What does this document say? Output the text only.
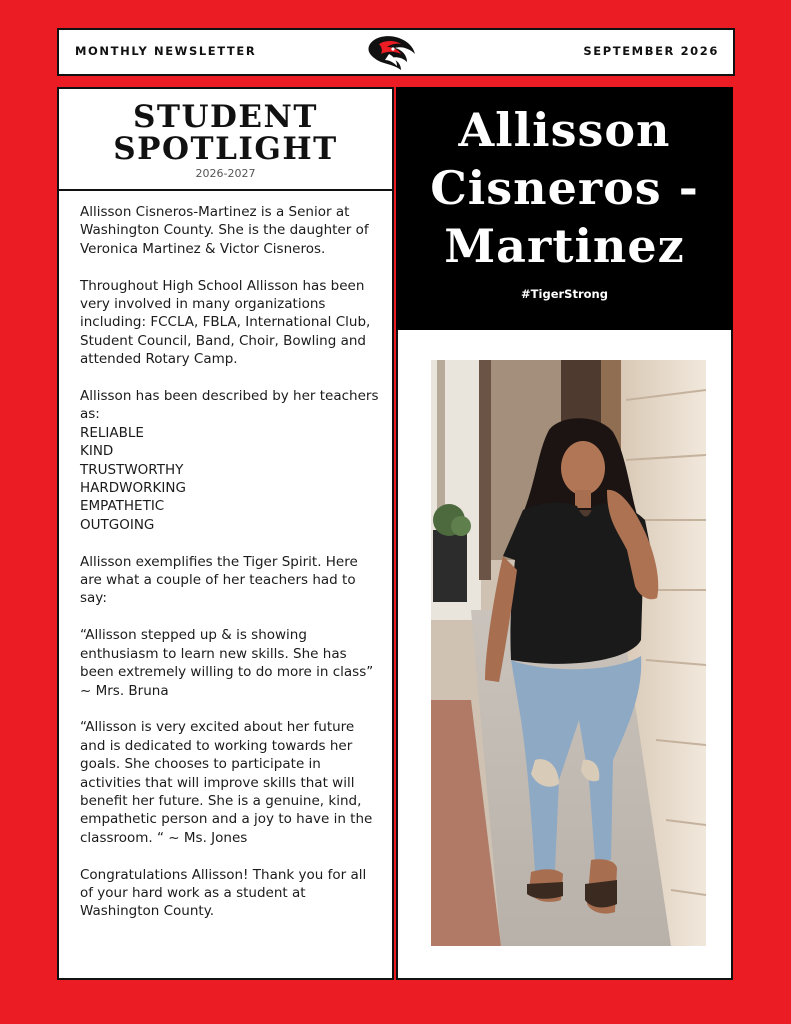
MONTHLY NEWSLETTER	SEPTEMBER 2026
STUDENT
SPOTLIGHT
2026-2027

Allisson Cisneros-Martinez is a Senior at Washington County. She is the daughter of Veronica Martinez & Victor Cisneros.

Throughout High School Allisson has been very involved in many organizations including: FCCLA, FBLA, International Club, Student Council, Band, Choir, Bowling and attended Rotary Camp.

Allisson has been described by her teachers as:
RELIABLE
KIND
TRUSTWORTHY
HARDWORKING
EMPATHETIC
OUTGOING

Allisson exemplifies the Tiger Spirit. Here are what a couple of her teachers had to say:

“Allisson stepped up & is showing enthusiasm to learn new skills. She has been extremely willing to do more in class” ~ Mrs. Bruna

“Allisson is very excited about her future and is dedicated to working towards her goals. She chooses to participate in activities that will improve skills that will benefit her future. She is a genuine, kind, empathetic person and a joy to have in the classroom. “ ~ Ms. Jones

Congratulations Allisson! Thank you for all of your hard work as a student at Washington County.

Allisson
Cisneros -
Martinez
#TigerStrong
